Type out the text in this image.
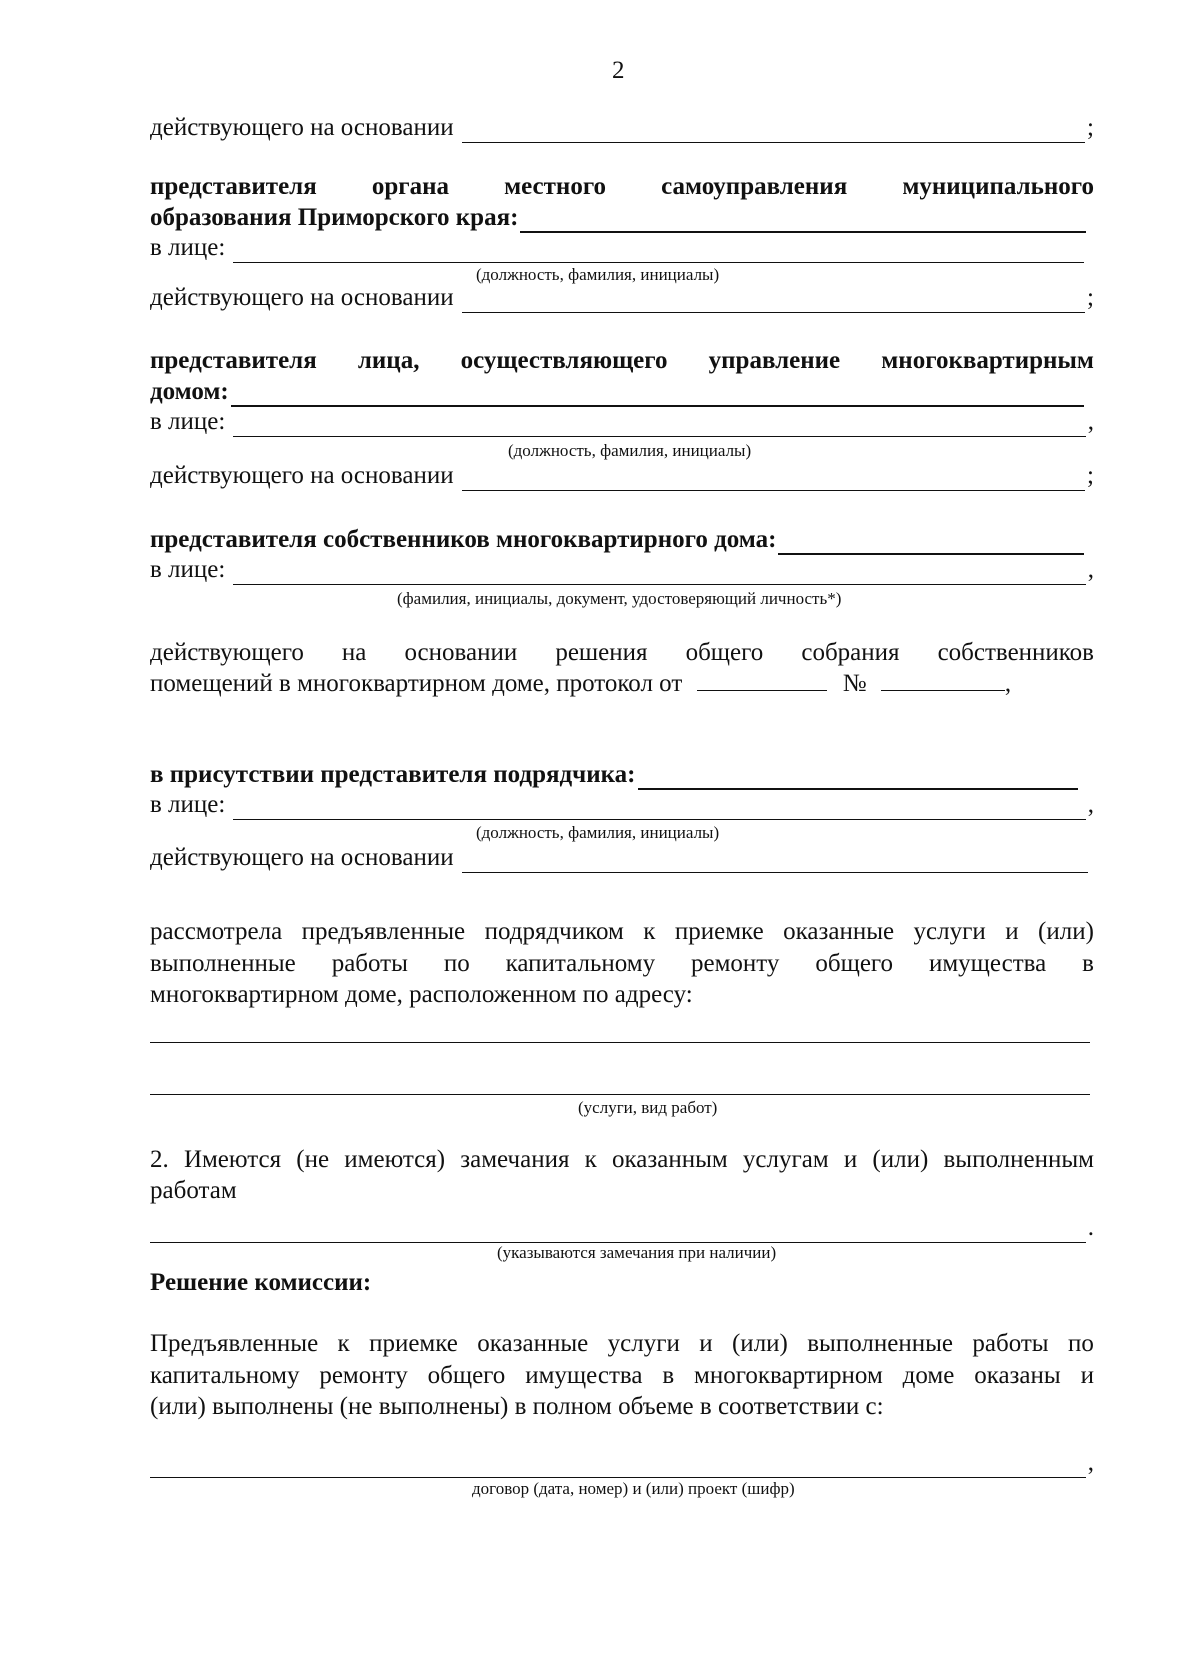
2
действующего на основании	;
представителя органа местного самоуправления муниципального
образования Приморского края:
в лице:
(должность, фамилия, инициалы)
действующего на основании	;
представителя лица, осуществляющего управление многоквартирным
домом:
в лице:	,
(должность, фамилия, инициалы)
действующего на основании	;
представителя собственников многоквартирного дома:
в лице:	,
(фамилия, инициалы, документ, удостоверяющий личность*)
действующего на основании решения общего собрания собственников
помещений в многоквартирном доме, протокол от	№	,
в присутствии представителя подрядчика:
в лице:	,
(должность, фамилия, инициалы)
действующего на основании
рассмотрела предъявленные подрядчиком к приемке оказанные услуги и (или)
выполненные работы по капитальному ремонту общего имущества в
многоквартирном доме, расположенном по адресу:
(услуги, вид работ)
2. Имеются (не имеются) замечания к оказанным услугам и (или) выполненным
работам
.
(указываются замечания при наличии)
Решение комиссии:
Предъявленные к приемке оказанные услуги и (или) выполненные работы по
капитальному ремонту общего имущества в многоквартирном доме оказаны и
(или) выполнены (не выполнены) в полном объеме в соответствии с:
,
договор (дата, номер) и (или) проект (шифр)
